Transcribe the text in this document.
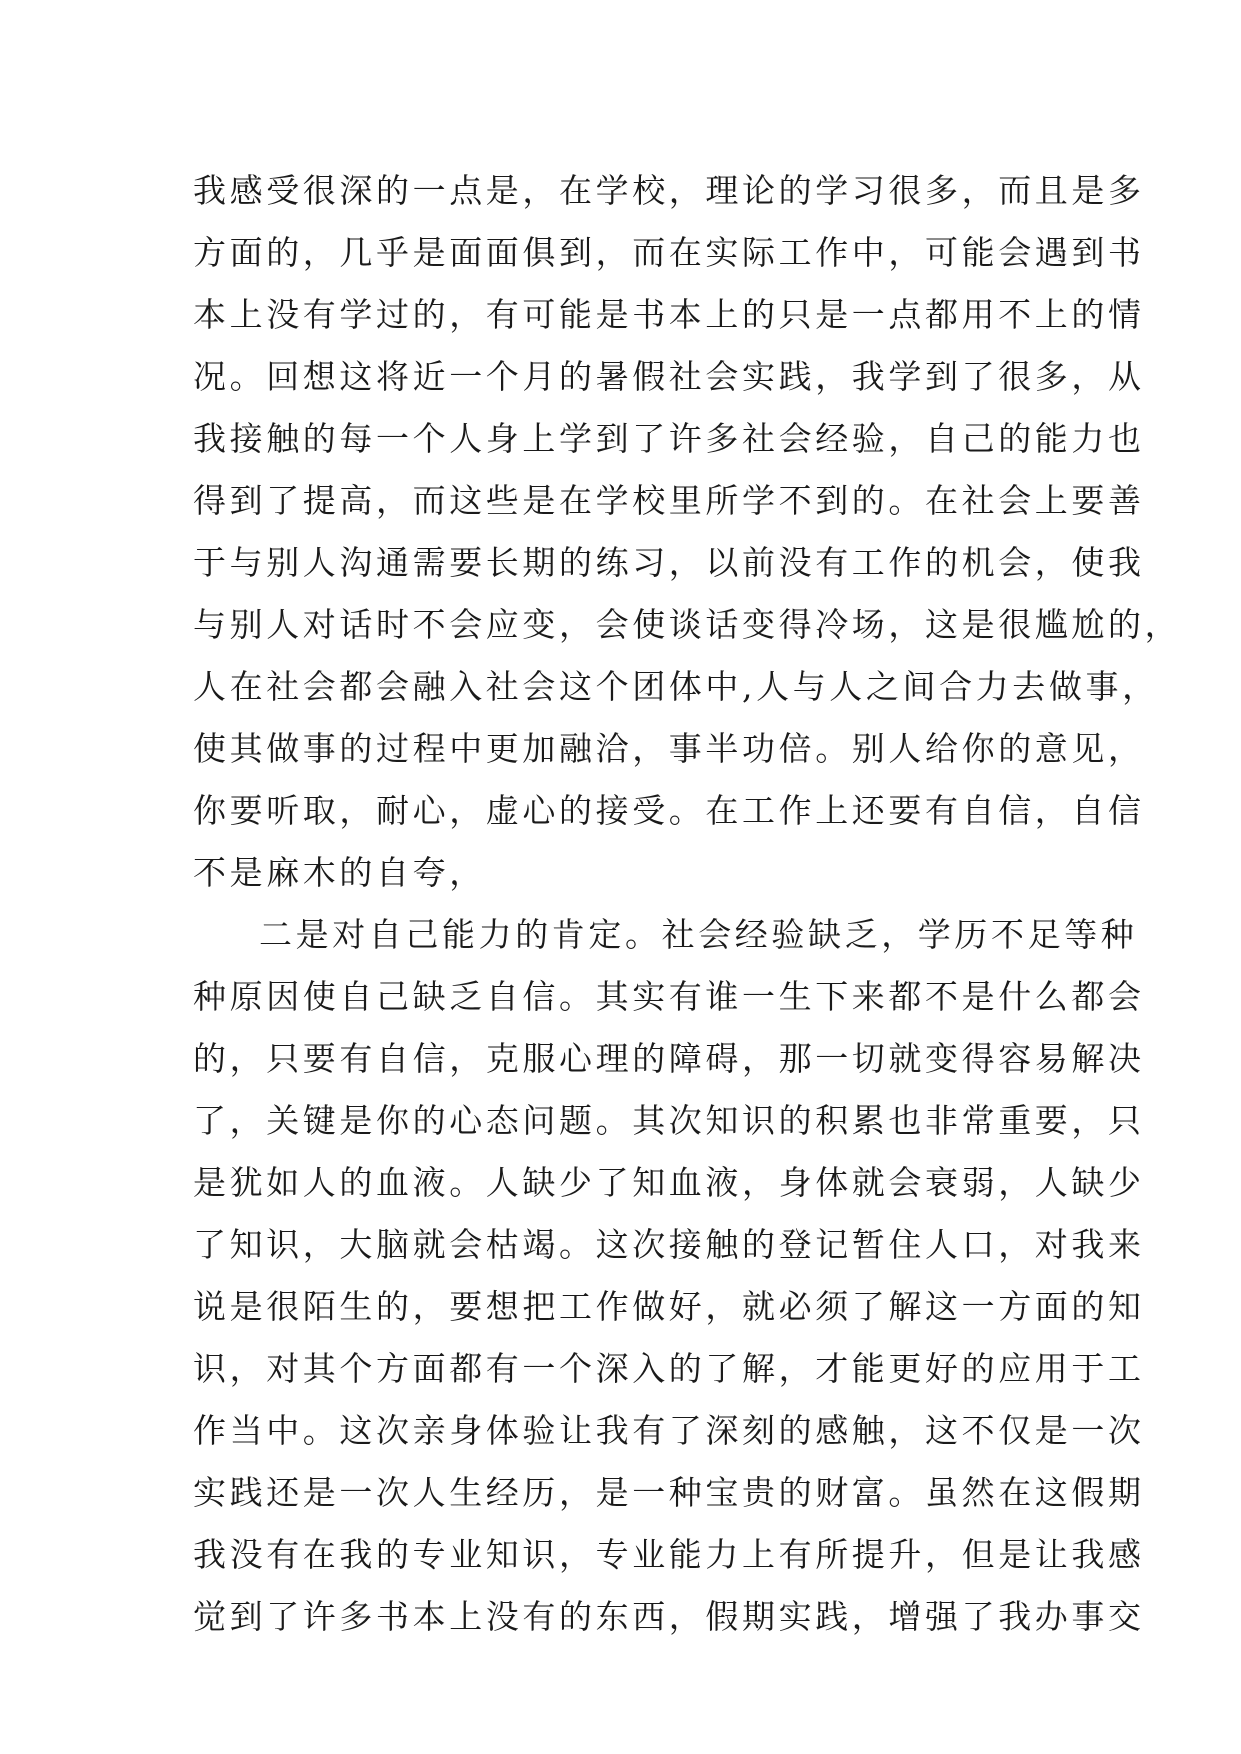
我感受很深的一点是，在学校，理论的学习很多，而且是多
方面的，几乎是面面俱到，而在实际工作中，可能会遇到书
本上没有学过的，有可能是书本上的只是一点都用不上的情
况。回想这将近一个月的暑假社会实践，我学到了很多，从
我接触的每一个人身上学到了许多社会经验，自己的能力也
得到了提高，而这些是在学校里所学不到的。在社会上要善
于与别人沟通需要长期的练习，以前没有工作的机会，使我
与别人对话时不会应变，会使谈话变得冷场，这是很尴尬的，
人在社会都会融入社会这个团体中,人与人之间合力去做事，
使其做事的过程中更加融洽，事半功倍。别人给你的意见，
你要听取，耐心，虚心的接受。在工作上还要有自信，自信
不是麻木的自夸，
二是对自己能力的肯定。社会经验缺乏，学历不足等种
种原因使自己缺乏自信。其实有谁一生下来都不是什么都会
的，只要有自信，克服心理的障碍，那一切就变得容易解决
了，关键是你的心态问题。其次知识的积累也非常重要，只
是犹如人的血液。人缺少了知血液，身体就会衰弱，人缺少
了知识，大脑就会枯竭。这次接触的登记暂住人口，对我来
说是很陌生的，要想把工作做好，就必须了解这一方面的知
识，对其个方面都有一个深入的了解，才能更好的应用于工
作当中。这次亲身体验让我有了深刻的感触，这不仅是一次
实践还是一次人生经历，是一种宝贵的财富。虽然在这假期
我没有在我的专业知识，专业能力上有所提升，但是让我感
觉到了许多书本上没有的东西，假期实践，增强了我办事交
